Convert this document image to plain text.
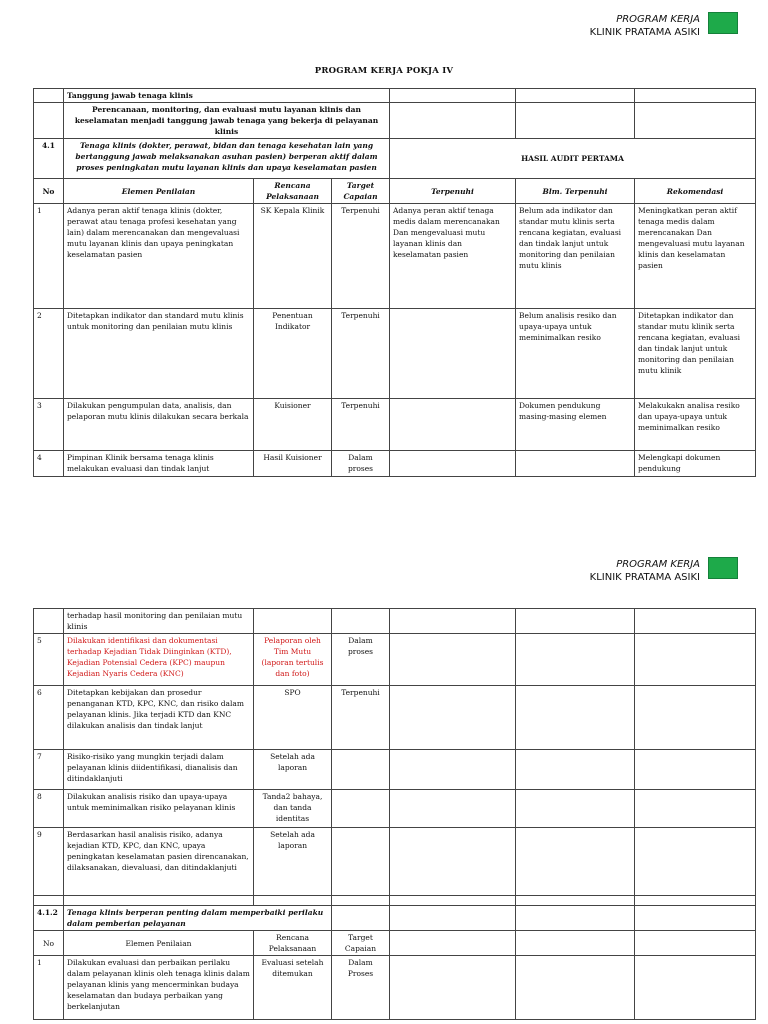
PROGRAM KERJA
KLINIK PRATAMA ASIKI
PROGRAM KERJA POKJA IV
	Tanggung jawab tenaga klinis					
	Perencanaan, monitoring, dan evaluasi mutu layanan klinis dan keselamatan menjadi tanggung jawab tenaga yang bekerja di pelayanan klinis					
4.1	Tenaga klinis (dokter, perawat, bidan dan tenaga kesehatan lain yang bertanggung jawab melaksanakan asuhan pasien) berperan aktif dalam proses peningkatan mutu layanan klinis dan upaya keselamatan pasien			HASIL AUDIT PERTAMA		
No	Elemen Penilaian	Rencana Pelaksanaan	Target Capaian	Terpenuhi	Blm. Terpenuhi	Rekomendasi
1	Adanya peran aktif tenaga klinis (dokter, perawat atau tenaga profesi kesehatan yang lain) dalam merencanakan dan mengevaluasi mutu layanan klinis dan upaya peningkatan keselamatan pasien	SK Kepala Klinik	Terpenuhi	Adanya peran aktif tenaga medis dalam merencanakan Dan mengevaluasi mutu layanan klinis dan keselamatan pasien	Belum ada indikator dan standar mutu klinis serta rencana kegiatan, evaluasi dan tindak lanjut untuk monitoring dan penilaian mutu klinis	Meningkatkan peran aktif tenaga medis dalam merencanakan Dan mengevaluasi mutu layanan klinis dan keselamatan pasien
2	Ditetapkan indikator dan standard mutu klinis untuk monitoring dan penilaian mutu klinis	Penentuan Indikator	Terpenuhi		Belum analisis resiko dan upaya-upaya untuk meminimalkan resiko	Ditetapkan indikator dan standar mutu klinik serta rencana kegiatan, evaluasi dan tindak lanjut untuk monitoring dan penilaian mutu klinik
3	Dilakukan pengumpulan data, analisis, dan pelaporan mutu klinis dilakukan secara berkala	Kuisioner	Terpenuhi		Dokumen pendukung masing-masing elemen	Melakukakn analisa resiko dan upaya-upaya untuk meminimalkan resiko
4	Pimpinan Klinik bersama tenaga klinis melakukan evaluasi dan tindak lanjut	Hasil Kuisioner	Dalam proses			Melengkapi dokumen pendukung
PROGRAM KERJA
KLINIK PRATAMA ASIKI
	terhadap hasil monitoring dan penilaian mutu klinis					
5	Dilakukan identifikasi dan dokumentasi terhadap Kejadian Tidak Diinginkan (KTD), Kejadian Potensial Cedera (KPC) maupun Kejadian Nyaris Cedera (KNC)	Pelaporan oleh Tim Mutu (laporan tertulis dan foto)	Dalam proses			
6	Ditetapkan kebijakan dan prosedur penanganan KTD, KPC, KNC, dan risiko dalam pelayanan klinis. Jika terjadi KTD dan KNC dilakukan analisis dan tindak lanjut	SPO	Terpenuhi			
7	Risiko-risiko yang mungkin terjadi dalam pelayanan klinis diidentifikasi, dianalisis dan ditindaklanjuti	Setelah ada laporan				
8	Dilakukan analisis risiko dan upaya-upaya untuk meminimalkan risiko pelayanan klinis	Tanda2 bahaya, dan tanda identitas				
9	Berdasarkan hasil analisis risiko, adanya kejadian KTD, KPC, dan KNC, upaya peningkatan keselamatan pasien direncanakan, dilaksanakan, dievaluasi, dan ditindaklanjuti	Setelah ada laporan				

4.1.2	Tenaga klinis berperan penting dalam memperbaiki perilaku dalam pemberian pelayanan					
No	Elemen Penilaian	Rencana Pelaksanaan	Target Capaian			
1	Dilakukan evaluasi dan perbaikan perilaku dalam pelayanan klinis oleh tenaga klinis dalam pelayanan klinis yang mencerminkan budaya keselamatan dan budaya perbaikan yang berkelanjutan	Evaluasi setelah ditemukan	Dalam Proses			
